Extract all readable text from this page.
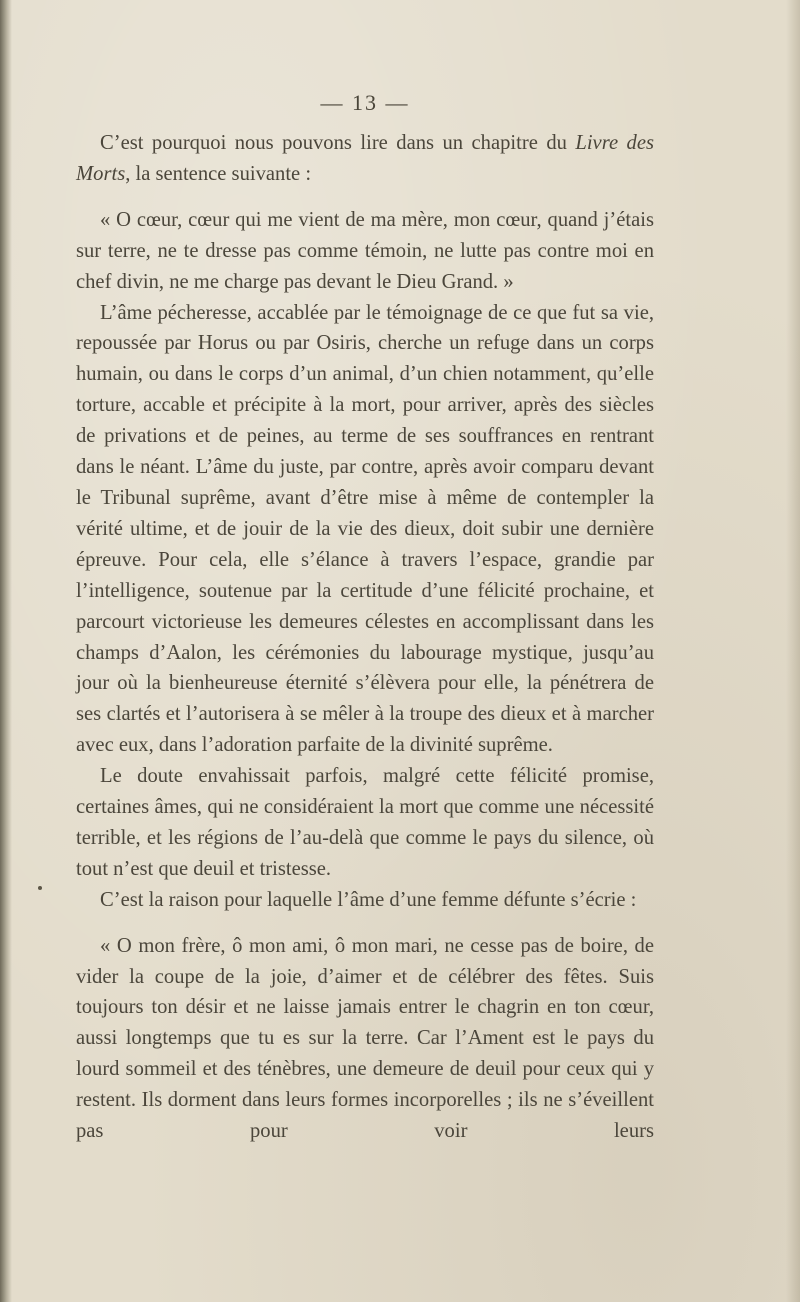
— 13 —

C’est pourquoi nous pouvons lire dans un chapitre du Livre des Morts, la sentence suivante :

« O cœur, cœur qui me vient de ma mère, mon cœur, quand j’étais sur terre, ne te dresse pas comme témoin, ne lutte pas contre moi en chef divin, ne me charge pas devant le Dieu Grand. »

L’âme pécheresse, accablée par le témoignage de ce que fut sa vie, repoussée par Horus ou par Osiris, cherche un refuge dans un corps humain, ou dans le corps d’un animal, d’un chien notamment, qu’elle torture, accable et précipite à la mort, pour arriver, après des siècles de privations et de peines, au terme de ses souffrances en rentrant dans le néant. L’âme du juste, par contre, après avoir comparu devant le Tribunal suprême, avant d’être mise à même de contempler la vérité ultime, et de jouir de la vie des dieux, doit subir une dernière épreuve. Pour cela, elle s’élance à travers l’espace, grandie par l’intelligence, soutenue par la certitude d’une félicité prochaine, et parcourt victorieuse les demeures célestes en accomplissant dans les champs d’Aalon, les cérémonies du labourage mystique, jusqu’au jour où la bienheureuse éternité s’élèvera pour elle, la pénétrera de ses clartés et l’autorisera à se mêler à la troupe des dieux et à marcher avec eux, dans l’adoration parfaite de la divinité suprême.

Le doute envahissait parfois, malgré cette félicité promise, certaines âmes, qui ne considéraient la mort que comme une nécessité terrible, et les régions de l’au-delà que comme le pays du silence, où tout n’est que deuil et tristesse.

C’est la raison pour laquelle l’âme d’une femme défunte s’écrie :

« O mon frère, ô mon ami, ô mon mari, ne cesse pas de boire, de vider la coupe de la joie, d’aimer et de célébrer des fêtes. Suis toujours ton désir et ne laisse jamais entrer le chagrin en ton cœur, aussi longtemps que tu es sur la terre. Car l’Ament est le pays du lourd sommeil et des ténèbres, une demeure de deuil pour ceux qui y restent. Ils dorment dans leurs formes incorporelles ; ils ne s’éveillent pas pour voir leurs
